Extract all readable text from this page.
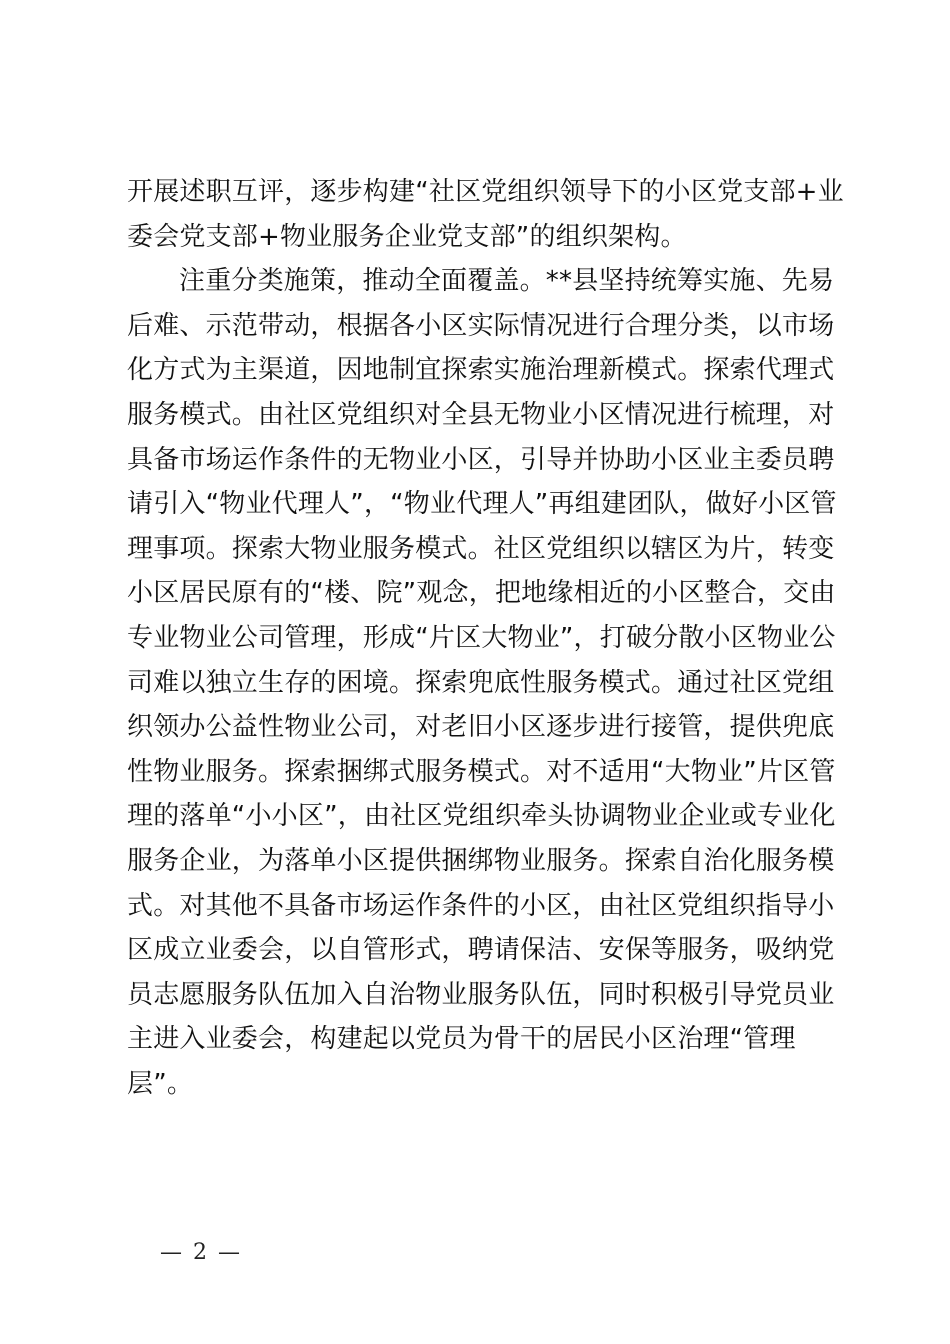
开展述职互评，逐步构建“社区党组织领导下的小区党支部+业
委会党支部+物业服务企业党支部”的组织架构。
注重分类施策，推动全面覆盖。**县坚持统筹实施、先易
后难、示范带动，根据各小区实际情况进行合理分类，以市场
化方式为主渠道，因地制宜探索实施治理新模式。探索代理式
服务模式。由社区党组织对全县无物业小区情况进行梳理，对
具备市场运作条件的无物业小区，引导并协助小区业主委员聘
请引入“物业代理人”，“物业代理人”再组建团队，做好小区管
理事项。探索大物业服务模式。社区党组织以辖区为片，转变
小区居民原有的“楼、院”观念，把地缘相近的小区整合，交由
专业物业公司管理，形成“片区大物业”，打破分散小区物业公
司难以独立生存的困境。探索兜底性服务模式。通过社区党组
织领办公益性物业公司，对老旧小区逐步进行接管，提供兜底
性物业服务。探索捆绑式服务模式。对不适用“大物业”片区管
理的落单“小小区”，由社区党组织牵头协调物业企业或专业化
服务企业，为落单小区提供捆绑物业服务。探索自治化服务模
式。对其他不具备市场运作条件的小区，由社区党组织指导小
区成立业委会，以自管形式，聘请保洁、安保等服务，吸纳党
员志愿服务队伍加入自治物业服务队伍，同时积极引导党员业
主进入业委会，构建起以党员为骨干的居民小区治理“管理
层”。
— 2 —
